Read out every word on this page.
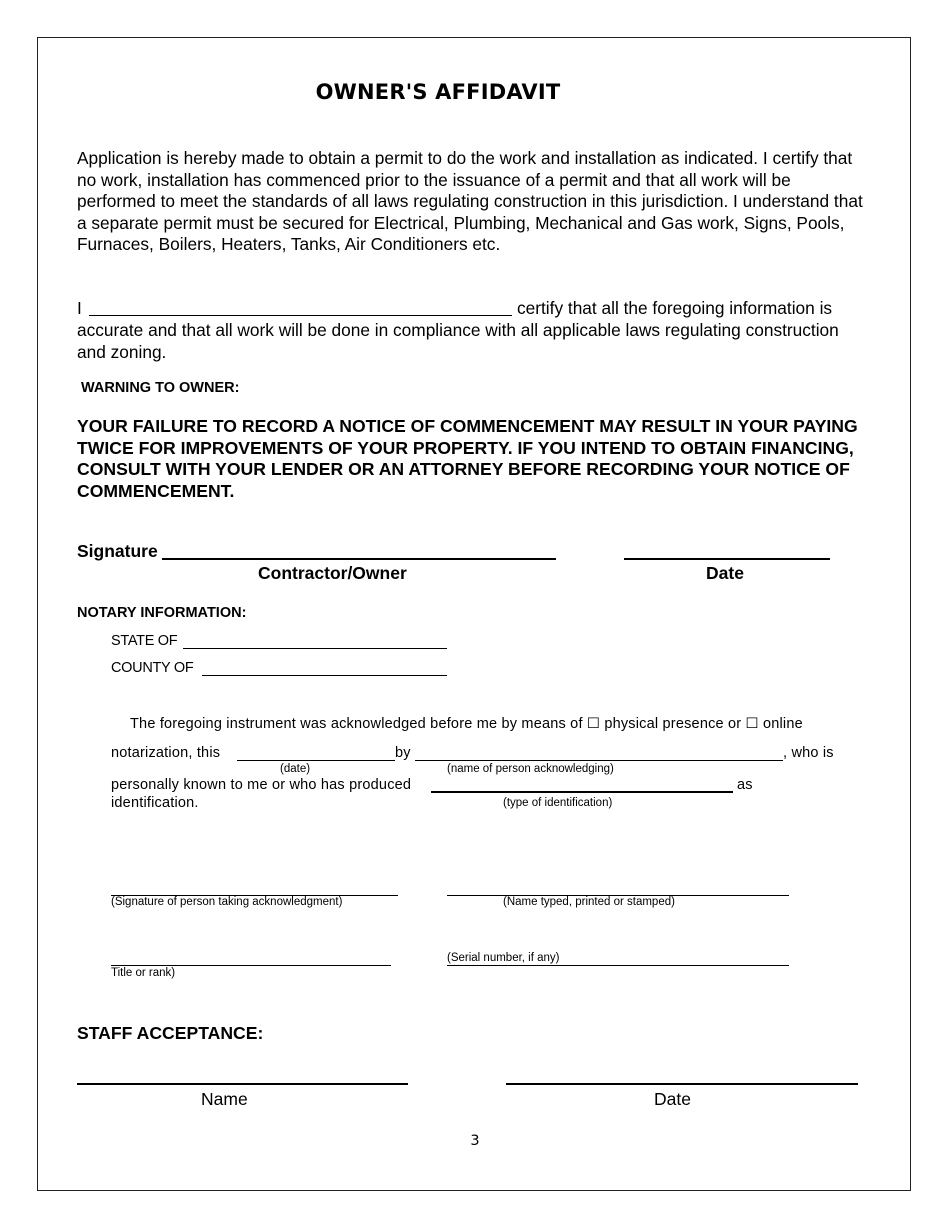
OWNER'S AFFIDAVIT
Application is hereby made to obtain a permit to do the work and installation as indicated. I certify that no work, installation has commenced prior to the issuance of a permit and that all work will be performed to meet the standards of all laws regulating construction in this jurisdiction. I understand that a separate permit must be secured for Electrical, Plumbing, Mechanical and Gas work, Signs, Pools, Furnaces, Boilers, Heaters, Tanks, Air Conditioners etc.
I	certify that all the foregoing information is
accurate and that all work will be done in compliance with all applicable laws regulating construction and zoning.
WARNING TO OWNER:
YOUR FAILURE TO RECORD A NOTICE OF COMMENCEMENT MAY RESULT IN YOUR PAYING TWICE FOR IMPROVEMENTS OF YOUR PROPERTY. IF YOU INTEND TO OBTAIN FINANCING, CONSULT WITH YOUR LENDER OR AN ATTORNEY BEFORE RECORDING YOUR NOTICE OF COMMENCEMENT.
Signature
Contractor/Owner	Date
NOTARY INFORMATION:
STATE OF
COUNTY OF
The foregoing instrument was acknowledged before me by means of ☐ physical presence or ☐ online
notarization, this	by	, who is
(date)	(name of person acknowledging)
personally known to me or who has produced	as
identification.	(type of identification)
(Signature of person taking acknowledgment)	(Name typed, printed or stamped)
Title or rank)
(Serial number, if any)
STAFF ACCEPTANCE:
Name	Date
3
